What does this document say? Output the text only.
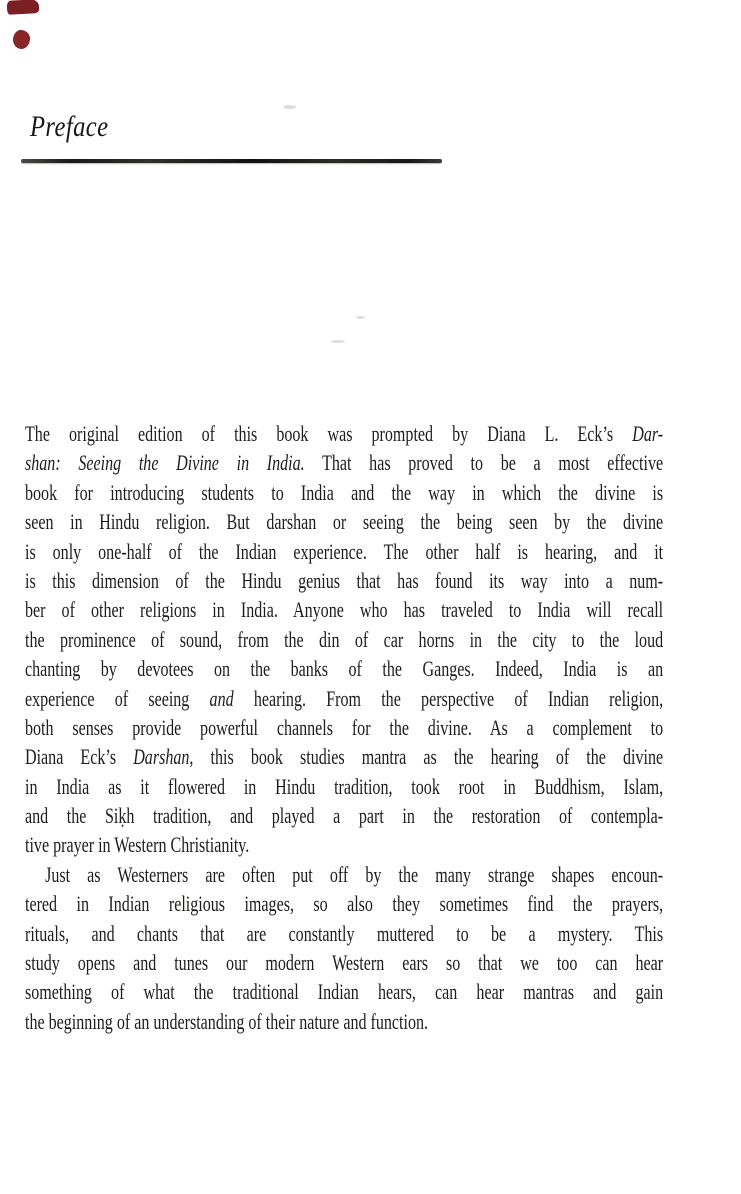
Preface
The original edition of this book was prompted by Diana L. Eck’s Dar-
shan: Seeing the Divine in India. That has proved to be a most effective
book for introducing students to India and the way in which the divine is
seen in Hindu religion. But darshan or seeing the being seen by the divine
is only one-half of the Indian experience. The other half is hearing, and it
is this dimension of the Hindu genius that has found its way into a num-
ber of other religions in India. Anyone who has traveled to India will recall
the prominence of sound, from the din of car horns in the city to the loud
chanting by devotees on the banks of the Ganges. Indeed, India is an
experience of seeing and hearing. From the perspective of Indian religion,
both senses provide powerful channels for the divine. As a complement to
Diana Eck’s Darshan, this book studies mantra as the hearing of the divine
in India as it flowered in Hindu tradition, took root in Buddhism, Islam,
and the Siḳh tradition, and played a part in the restoration of contempla-
tive prayer in Western Christianity.
Just as Westerners are often put off by the many strange shapes encoun-
tered in Indian religious images, so also they sometimes find the prayers,
rituals, and chants that are constantly muttered to be a mystery. This
study opens and tunes our modern Western ears so that we too can hear
something of what the traditional Indian hears, can hear mantras and gain
the beginning of an understanding of their nature and function.
